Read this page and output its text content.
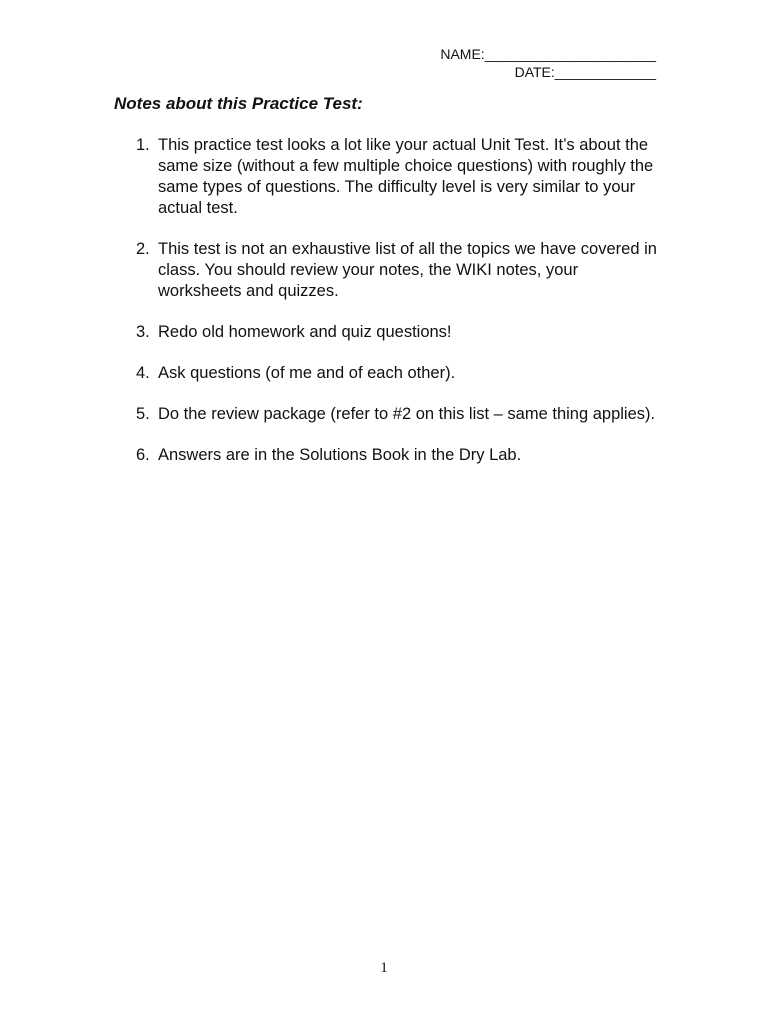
NAME:______________________
DATE:_____________
Notes about this Practice Test:
1. This practice test looks a lot like your actual Unit Test. It’s about the same size (without a few multiple choice questions) with roughly the same types of questions. The difficulty level is very similar to your actual test.
2. This test is not an exhaustive list of all the topics we have covered in class. You should review your notes, the WIKI notes, your worksheets and quizzes.
3. Redo old homework and quiz questions!
4. Ask questions (of me and of each other).
5. Do the review package (refer to #2 on this list – same thing applies).
6. Answers are in the Solutions Book in the Dry Lab.
1
